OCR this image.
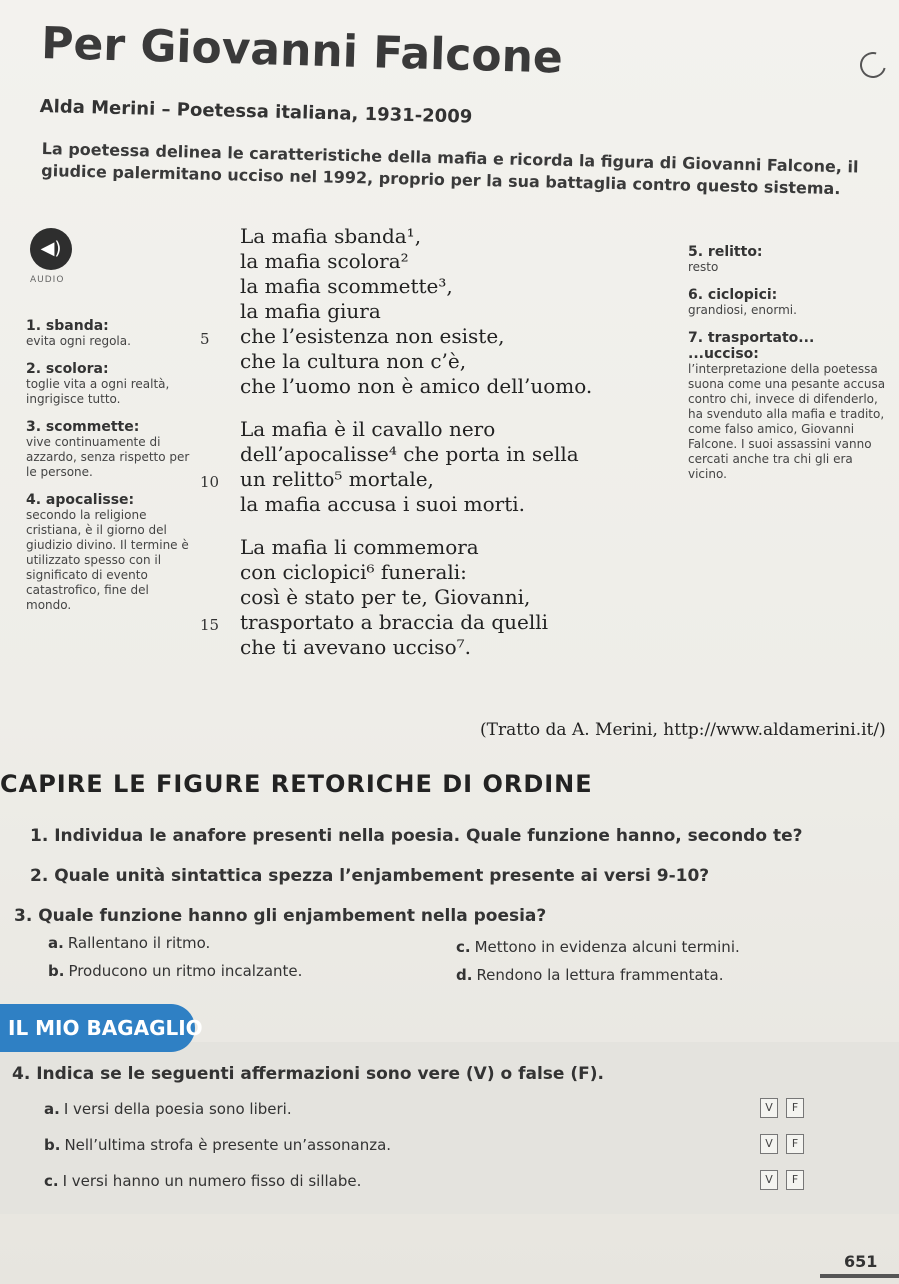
Per Giovanni Falcone
Alda Merini – Poetessa italiana, 1931-2009
La poetessa delinea le caratteristiche della mafia e ricorda la figura di Giovanni Falcone, il giudice palermitano ucciso nel 1992, proprio per la sua battaglia contro questo sistema.
◀)
AUDIO
1. sbanda:
evita ogni regola.
2. scolora:
toglie vita a ogni realtà, ingrigisce tutto.
3. scommette:
vive continuamente di azzardo, senza rispetto per le persone.
4. apocalisse:
secondo la religione cristiana, è il giorno del giudizio divino. Il termine è utilizzato spesso con il significato di evento catastrofico, fine del mondo.
La mafia sbanda¹,
la mafia scolora²
la mafia scommette³,
la mafia giura
5 che l’esistenza non esiste,
che la cultura non c’è,
che l’uomo non è amico dell’uomo.
La mafia è il cavallo nero
dell’apocalisse⁴ che porta in sella
10 un relitto⁵ mortale,
la mafia accusa i suoi morti.
La mafia li commemora
con ciclopici⁶ funerali:
così è stato per te, Giovanni,
15 trasportato a braccia da quelli
che ti avevano ucciso⁷.
5. relitto:
resto
6. ciclopici:
grandiosi, enormi.
7. trasportato... ...ucciso:
l’interpretazione della poetessa suona come una pesante accusa contro chi, invece di difenderlo, ha svenduto alla mafia e tradito, come falso amico, Giovanni Falcone. I suoi assassini vanno cercati anche tra chi gli era vicino.
(Tratto da A. Merini, http://www.aldamerini.it/)
CAPIRE LE FIGURE RETORICHE DI ORDINE
1. Individua le anafore presenti nella poesia. Quale funzione hanno, secondo te?
2. Quale unità sintattica spezza l’enjambement presente ai versi 9-10?
3. Quale funzione hanno gli enjambement nella poesia?
a. Rallentano il ritmo.
b. Producono un ritmo incalzante.
c. Mettono in evidenza alcuni termini.
d. Rendono la lettura frammentata.
IL MIO BAGAGLIO
4. Indica se le seguenti affermazioni sono vere (V) o false (F).
a. I versi della poesia sono liberi.	V F
b. Nell’ultima strofa è presente un’assonanza.	V F
c. I versi hanno un numero fisso di sillabe.	V F
651
